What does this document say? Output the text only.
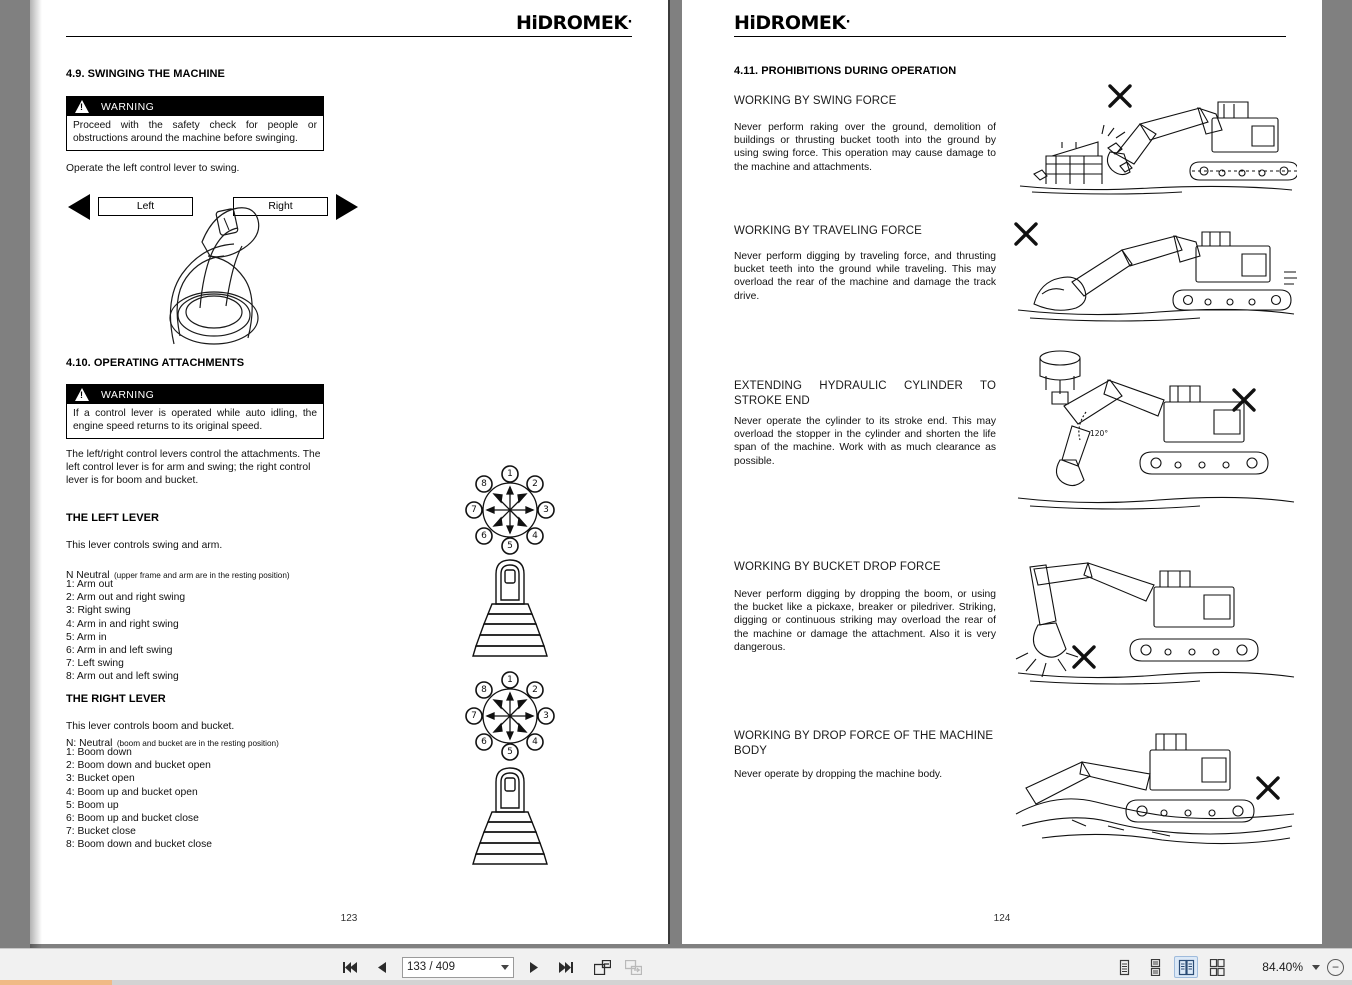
HiDROMEK·
4.9. SWINGING THE MACHINE
!
WARNING
Proceed with the safety check for people or obstructions around the machine before swinging.
Operate the left control lever to swing.
Left	Right
4.10. OPERATING ATTACHMENTS
!
WARNING
If a control lever is operated while auto idling, the engine speed returns to its original speed.
The left/right control levers control the attachments. The left control lever is for arm and swing; the right control lever is for boom and bucket.
THE LEFT LEVER
This lever controls swing and arm.
N Neutral (upper frame and arm are in the resting position)
1: Arm out
2: Arm out and right swing
3: Right swing
4: Arm in and right swing
5: Arm in
6: Arm in and left swing
7: Left swing
8: Arm out and left swing
THE RIGHT LEVER
This lever controls boom and bucket.
N: Neutral (boom and bucket are in the resting position)
1: Boom down
2: Boom down and bucket open
3: Bucket open
4: Boom up and bucket open
5: Boom up
6: Boom up and bucket close
7: Bucket close
8: Boom down and bucket close
1
2
3
4
5
6
7
8
1
2
3
4
5
6
7
8
123
HiDROMEK·
4.11. PROHIBITIONS DURING OPERATION
WORKING BY SWING FORCE
Never perform raking over the ground, demolition of buildings or thrusting bucket tooth into the ground by using swing force. This operation may cause damage to the machine and attachments.
WORKING BY TRAVELING FORCE
Never perform digging by traveling force, and thrusting bucket teeth into the ground while traveling. This may overload the rear of the machine and damage the track drive.
EXTENDING HYDRAULIC CYLINDER TO STROKE END
Never operate the cylinder to its stroke end. This may overload the stopper in the cylinder and shorten the life span of the machine. Work with as much clearance as possible.
120°
WORKING BY BUCKET DROP FORCE
Never perform digging by dropping the boom, or using the bucket like a pickaxe, breaker or piledriver. Striking, digging or continuous striking may overload the rear of the machine or damage the attachment. Also it is very dangerous.
WORKING BY DROP FORCE OF THE MACHINE BODY
Never operate by dropping the machine body.
124
133 / 409	84.40%	−
